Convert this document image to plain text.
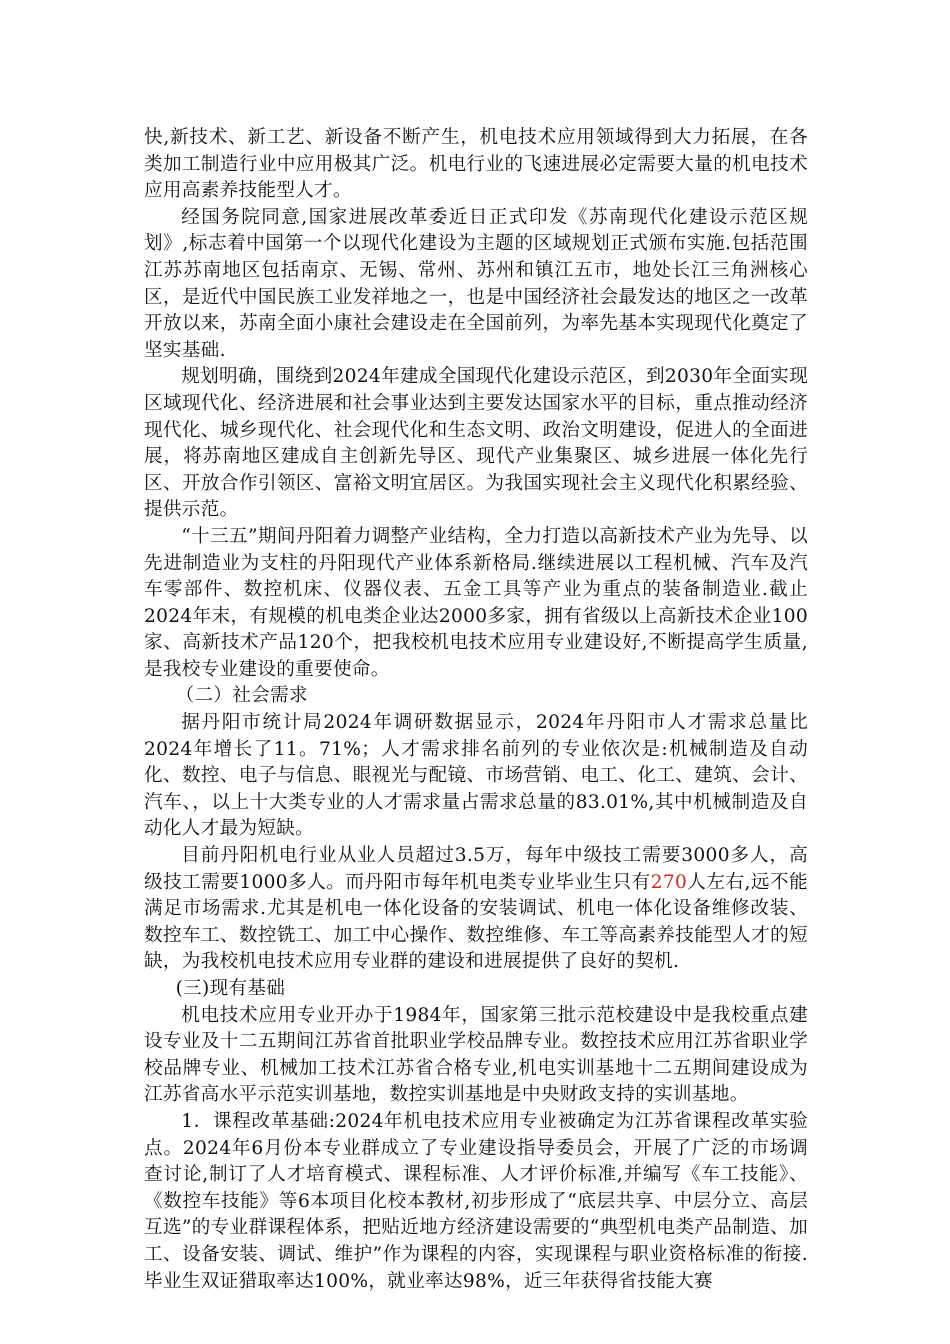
快,新技术、新工艺、新设备不断产生，机电技术应用领域得到大力拓展，在各类加工制造行业中应用极其广泛。机电行业的飞速进展必定需要大量的机电技术应用高素养技能型人才。

经国务院同意,国家进展改革委近日正式印发《苏南现代化建设示范区规划》,标志着中国第一个以现代化建设为主题的区域规划正式颁布实施.包括范围江苏苏南地区包括南京、无锡、常州、苏州和镇江五市，地处长江三角洲核心区，是近代中国民族工业发祥地之一，也是中国经济社会最发达的地区之一改革开放以来，苏南全面小康社会建设走在全国前列，为率先基本实现现代化奠定了坚实基础.

规划明确，围绕到2024年建成全国现代化建设示范区，到2030年全面实现区域现代化、经济进展和社会事业达到主要发达国家水平的目标，重点推动经济现代化、城乡现代化、社会现代化和生态文明、政治文明建设，促进人的全面进展，将苏南地区建成自主创新先导区、现代产业集聚区、城乡进展一体化先行区、开放合作引领区、富裕文明宜居区。为我国实现社会主义现代化积累经验、提供示范。

“十三五”期间丹阳着力调整产业结构，全力打造以高新技术产业为先导、以先进制造业为支柱的丹阳现代产业体系新格局.继续进展以工程机械、汽车及汽车零部件、数控机床、仪器仪表、五金工具等产业为重点的装备制造业.截止2024年末，有规模的机电类企业达2000多家，拥有省级以上高新技术企业100家、高新技术产品120个，把我校机电技术应用专业建设好,不断提高学生质量,是我校专业建设的重要使命。

（二）社会需求

据丹阳市统计局2024年调研数据显示，2024年丹阳市人才需求总量比2024年增长了11。71%；人才需求排名前列的专业依次是:机械制造及自动化、数控、电子与信息、眼视光与配镜、市场营销、电工、化工、建筑、会计、汽车、，以上十大类专业的人才需求量占需求总量的83.01%,其中机械制造及自动化人才最为短缺。

目前丹阳机电行业从业人员超过3.5万，每年中级技工需要3000多人，高级技工需要1000多人。而丹阳市每年机电类专业毕业生只有270人左右,远不能满足市场需求.尤其是机电一体化设备的安装调试、机电一体化设备维修改装、数控车工、数控铣工、加工中心操作、数控维修、车工等高素养技能型人才的短缺，为我校机电技术应用专业群的建设和进展提供了良好的契机.

(三)现有基础

机电技术应用专业开办于1984年，国家第三批示范校建设中是我校重点建设专业及十二五期间江苏省首批职业学校品牌专业。数控技术应用江苏省职业学校品牌专业、机械加工技术江苏省合格专业,机电实训基地十二五期间建设成为江苏省高水平示范实训基地，数控实训基地是中央财政支持的实训基地。

1．课程改革基础:2024年机电技术应用专业被确定为江苏省课程改革实验点。2024年6月份本专业群成立了专业建设指导委员会，开展了广泛的市场调查讨论,制订了人才培育模式、课程标准、人才评价标准,并编写《车工技能》、《数控车技能》等6本项目化校本教材,初步形成了“底层共享、中层分立、高层互选”的专业群课程体系，把贴近地方经济建设需要的“典型机电类产品制造、加工、设备安装、调试、维护”作为课程的内容，实现课程与职业资格标准的衔接.毕业生双证猎取率达100%，就业率达98%，近三年获得省技能大赛
